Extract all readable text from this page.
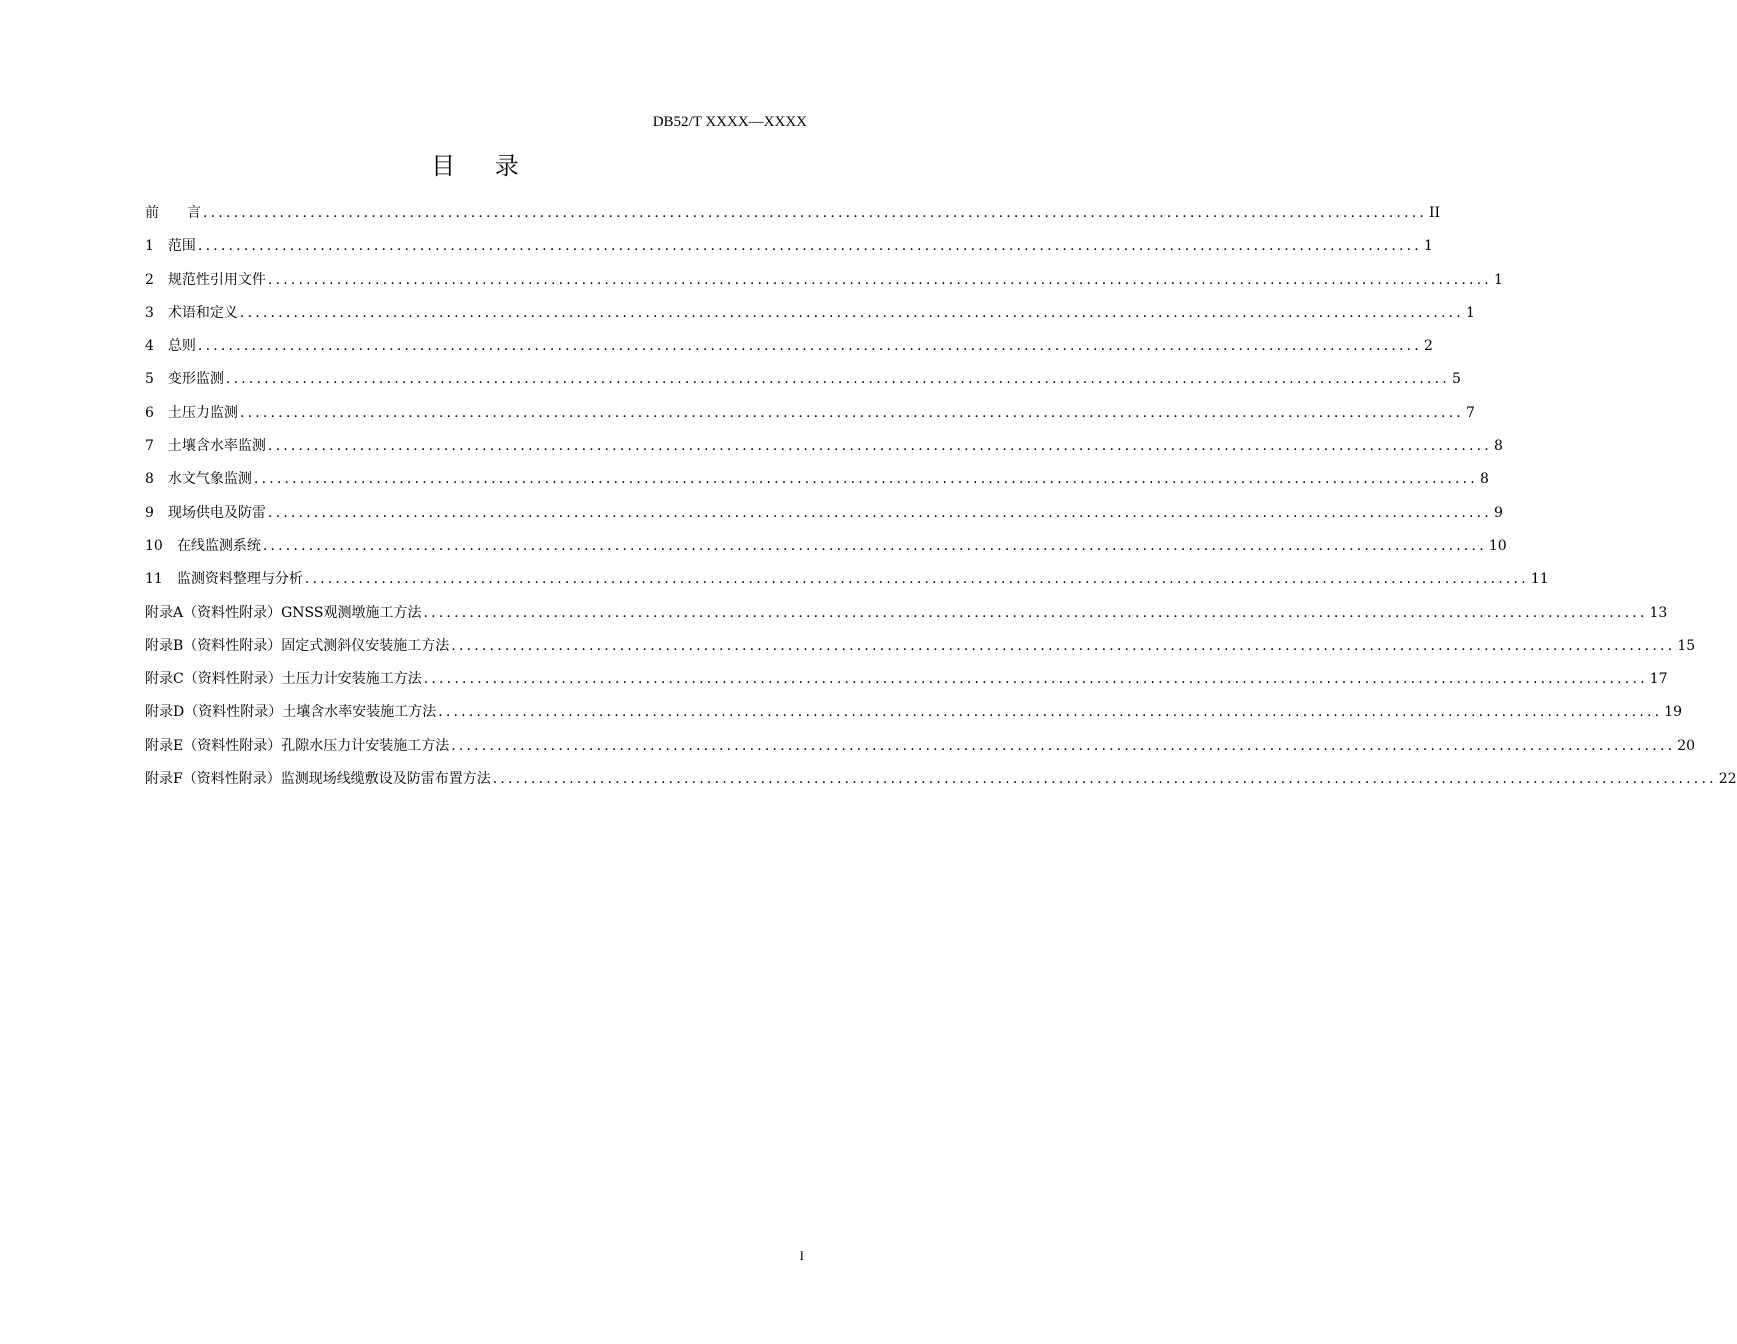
DB52/T XXXX—XXXX
目 录
前　　言 ................................................................................................................................................................ II
1　范围 ................................................................................................................................................................ 1
2　规范性引用文件 ................................................................................................................................................................ 1
3　术语和定义 ................................................................................................................................................................ 1
4　总则 ................................................................................................................................................................ 2
5　变形监测 ................................................................................................................................................................ 5
6　土压力监测 ................................................................................................................................................................ 7
7　土壤含水率监测 ................................................................................................................................................................ 8
8　水文气象监测 ................................................................................................................................................................ 8
9　现场供电及防雷 ................................................................................................................................................................ 9
10　在线监测系统 ................................................................................................................................................................ 10
11　监测资料整理与分析 ................................................................................................................................................................ 11
附录A（资料性附录）GNSS观测墩施工方法 ................................................................................................................................................................ 13
附录B（资料性附录）固定式测斜仪安装施工方法 ................................................................................................................................................................ 15
附录C（资料性附录）土压力计安装施工方法 ................................................................................................................................................................ 17
附录D（资料性附录）土壤含水率安装施工方法 ................................................................................................................................................................ 19
附录E（资料性附录）孔隙水压力计安装施工方法 ................................................................................................................................................................ 20
附录F（资料性附录）监测现场线缆敷设及防雷布置方法 ................................................................................................................................................................ 22
I
